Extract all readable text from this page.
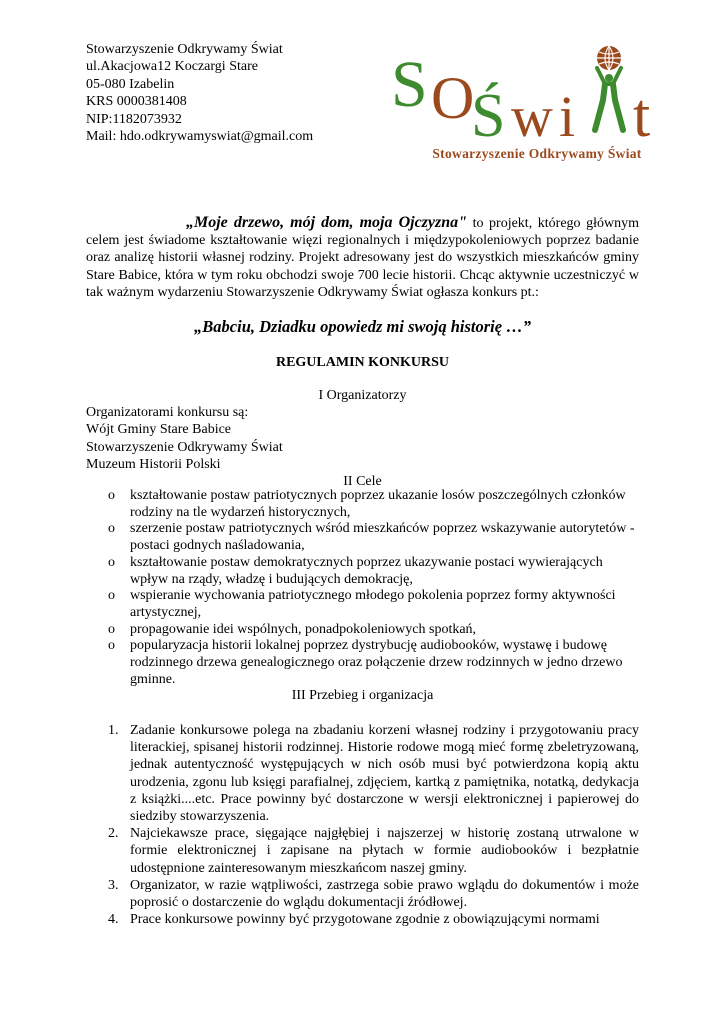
Stowarzyszenie Odkrywamy Świat
ul.Akacjowa12 Koczargi Stare
05-080 Izabelin
KRS 0000381408
NIP:1182073932
Mail: hdo.odkrywamyswiat@gmail.com
S O
Ś w i t
Stowarzyszenie Odkrywamy Świat
„Moje drzewo, mój dom, moja Ojczyzna" to projekt, którego głównym celem jest świadome kształtowanie więzi regionalnych i międzypokoleniowych poprzez badanie oraz analizę historii własnej rodziny. Projekt adresowany jest do wszystkich mieszkańców gminy Stare Babice, która w tym roku obchodzi swoje 700 lecie historii. Chcąc aktywnie uczestniczyć w tak ważnym wydarzeniu Stowarzyszenie Odkrywamy Świat ogłasza konkurs pt.:
„Babciu, Dziadku opowiedz mi swoją historię …”
REGULAMIN KONKURSU
I Organizatorzy
Organizatorami konkursu są:
Wójt Gminy Stare Babice
Stowarzyszenie Odkrywamy Świat
Muzeum Historii Polski
II Cele
o kształtowanie postaw patriotycznych poprzez ukazanie losów poszczególnych członków rodziny na tle wydarzeń historycznych,
o szerzenie postaw patriotycznych wśród mieszkańców poprzez wskazywanie autorytetów - postaci godnych naśladowania,
o kształtowanie postaw demokratycznych poprzez ukazywanie postaci wywierających wpływ na rządy, władzę i budujących demokrację,
o wspieranie wychowania patriotycznego młodego pokolenia poprzez formy aktywności artystycznej,
o propagowanie idei wspólnych, ponadpokoleniowych spotkań,
o popularyzacja historii lokalnej poprzez dystrybucję audiobooków, wystawę i budowę rodzinnego drzewa genealogicznego oraz połączenie drzew rodzinnych w jedno drzewo gminne.
III Przebieg i organizacja
1. Zadanie konkursowe polega na zbadaniu korzeni własnej rodziny i przygotowaniu pracy literackiej, spisanej historii rodzinnej. Historie rodowe mogą mieć formę zbeletryzowaną, jednak autentyczność występujących w nich osób musi być potwierdzona kopią aktu urodzenia, zgonu lub księgi parafialnej, zdjęciem, kartką z pamiętnika, notatką, dedykacja z książki....etc. Prace powinny być dostarczone w wersji elektronicznej i papierowej do siedziby stowarzyszenia.
2. Najciekawsze prace, sięgające najgłębiej i najszerzej w historię zostaną utrwalone w formie elektronicznej i zapisane na płytach w formie audiobooków i bezpłatnie udostępnione zainteresowanym mieszkańcom naszej gminy.
3. Organizator, w razie wątpliwości, zastrzega sobie prawo wglądu do dokumentów i może poprosić o dostarczenie do wglądu dokumentacji źródłowej.
4. Prace konkursowe powinny być przygotowane zgodnie z obowiązującymi normami
